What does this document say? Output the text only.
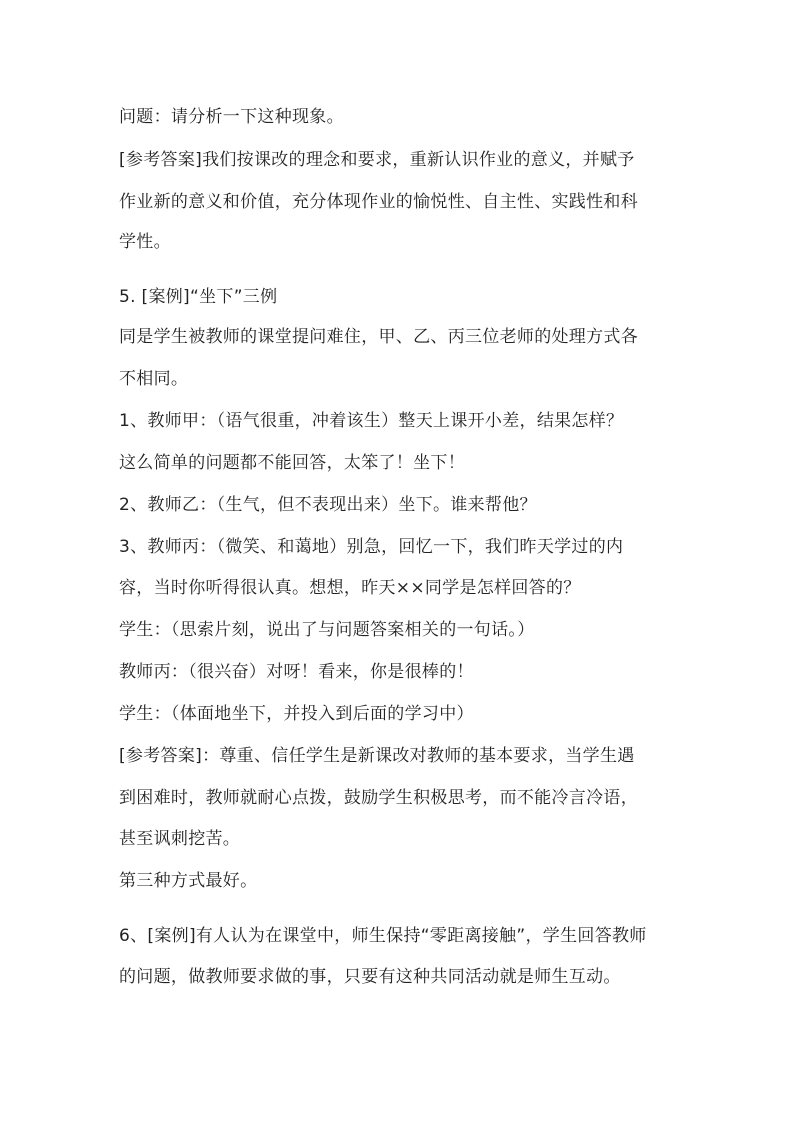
问题：请分析一下这种现象。
[参考答案]我们按课改的理念和要求，重新认识作业的意义，并赋予
作业新的意义和价值，充分体现作业的愉悦性、自主性、实践性和科
学性。
5. [案例]“坐下”三例
同是学生被教师的课堂提问难住，甲、乙、丙三位老师的处理方式各
不相同。
1、教师甲：（语气很重，冲着该生）整天上课开小差，结果怎样？
这么简单的问题都不能回答，太笨了！坐下！
2、教师乙：（生气，但不表现出来）坐下。谁来帮他？
3、教师丙：（微笑、和蔼地）别急，回忆一下，我们昨天学过的内
容，当时你听得很认真。想想，昨天××同学是怎样回答的？
学生：（思索片刻，说出了与问题答案相关的一句话。）
教师丙：（很兴奋）对呀！看来，你是很棒的！
学生：（体面地坐下，并投入到后面的学习中）
[参考答案]：尊重、信任学生是新课改对教师的基本要求，当学生遇
到困难时，教师就耐心点拨，鼓励学生积极思考，而不能冷言冷语，
甚至讽刺挖苦。
第三种方式最好。
6、[案例]有人认为在课堂中，师生保持“零距离接触”，学生回答教师
的问题，做教师要求做的事，只要有这种共同活动就是师生互动。
